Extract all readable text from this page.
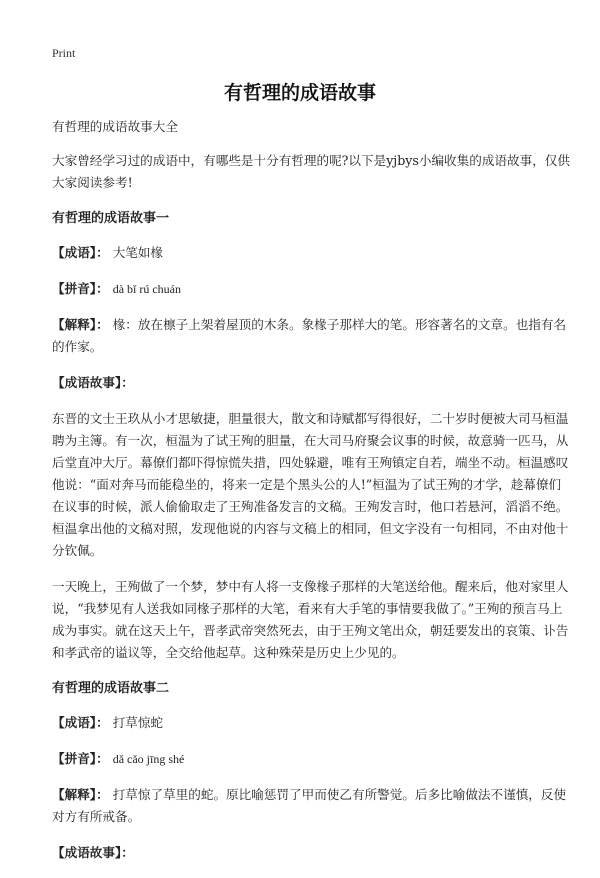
Print
有哲理的成语故事

有哲理的成语故事大全

大家曾经学习过的成语中，有哪些是十分有哲理的呢?以下是yjbys小编收集的成语故事，仅供大家阅读参考!

有哲理的成语故事一

【成语】： 大笔如椽

【拼音】： dà bǐ rú chuán

【解释】： 椽：放在檩子上架着屋顶的木条。象椽子那样大的笔。形容著名的文章。也指有名的作家。

【成语故事】：

东晋的文士王玖从小才思敏捷，胆量很大，散文和诗赋都写得很好，二十岁时便被大司马桓温聘为主簿。有一次，桓温为了试王殉的胆量，在大司马府聚会议事的时候，故意骑一匹马，从后堂直冲大厅。幕僚们都吓得惊慌失措，四处躲避，唯有王殉镇定自若，端坐不动。桓温感叹他说：“面对奔马而能稳坐的，将来一定是个黑头公的人!”桓温为了试王殉的才学，趁幕僚们在议事的时候，派人偷偷取走了王殉准备发言的文稿。王殉发言时，他口若悬河，滔滔不绝。桓温拿出他的文稿对照，发现他说的内容与文稿上的相同，但文字没有一句相同，不由对他十分钦佩。

一天晚上，王殉做了一个梦，梦中有人将一支像椽子那样的大笔送给他。醒来后，他对家里人说，“我梦见有人送我如同椽子那样的大笔，看来有大手笔的事情要我做了。”王殉的预言马上成为事实。就在这天上午，晋孝武帝突然死去，由于王殉文笔出众，朝廷要发出的哀策、讣告和孝武帝的谥议等，全交给他起草。这种殊荣是历史上少见的。

有哲理的成语故事二

【成语】： 打草惊蛇

【拼音】： dǎ cǎo jīng shé

【解释】： 打草惊了草里的蛇。原比喻惩罚了甲而使乙有所警觉。后多比喻做法不谨慎，反使对方有所戒备。

【成语故事】：
